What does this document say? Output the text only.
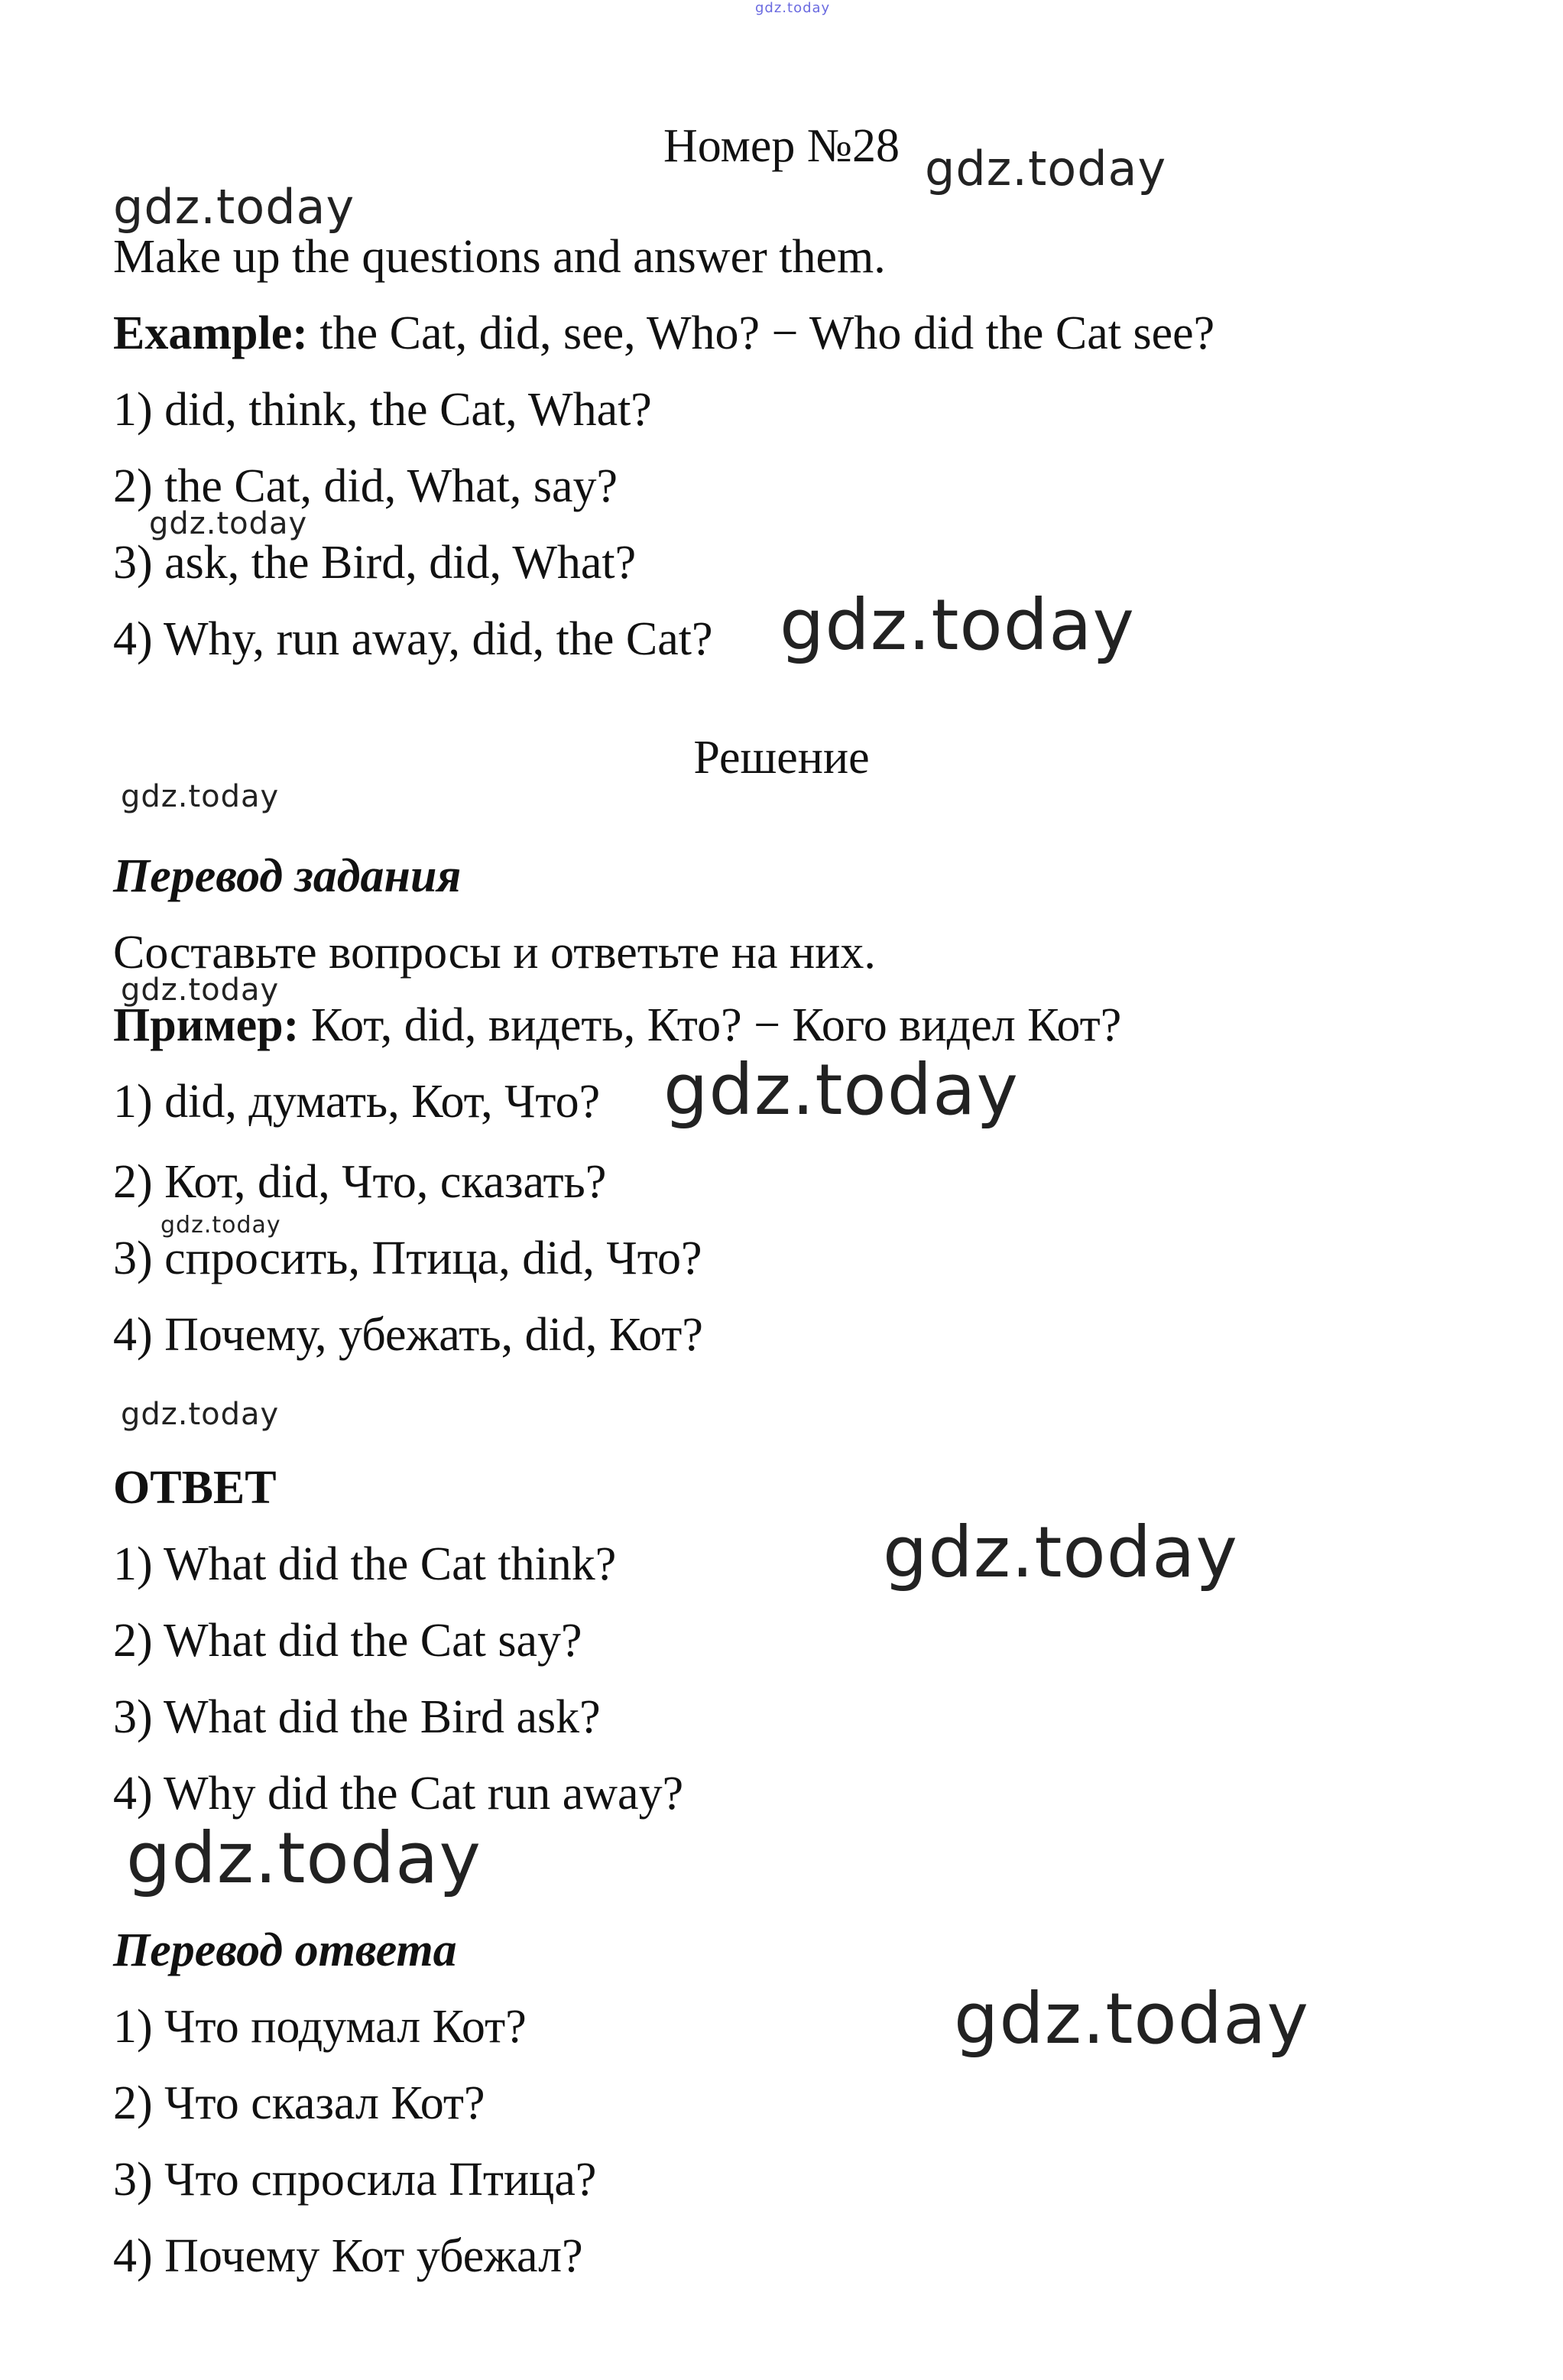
gdz.today
gdz.today
gdz.today
gdz.today
gdz.today
gdz.today
gdz.today
gdz.today
gdz.today
gdz.today
gdz.today
gdz.today
gdz.today
Номер №28
Make up the questions and answer them.
Example: the Cat, did, see, Who? − Who did the Cat see?
1) did, think, the Cat, What?
2) the Cat, did, What, say?
3) ask, the Bird, did, What?
4) Why, run away, did, the Cat?
Решение
Перевод задания
Составьте вопросы и ответьте на них.
Пример: Кот, did, видеть, Кто? − Кого видел Кот?
1) did, думать, Кот, Что?
2) Кот, did, Что, сказать?
3) спросить, Птица, did, Что?
4) Почему, убежать, did, Кот?
ОТВЕТ
1) What did the Cat think?
2) What did the Cat say?
3) What did the Bird ask?
4) Why did the Cat run away?
Перевод ответа
1) Что подумал Кот?
2) Что сказал Кот?
3) Что спросила Птица?
4) Почему Кот убежал?
